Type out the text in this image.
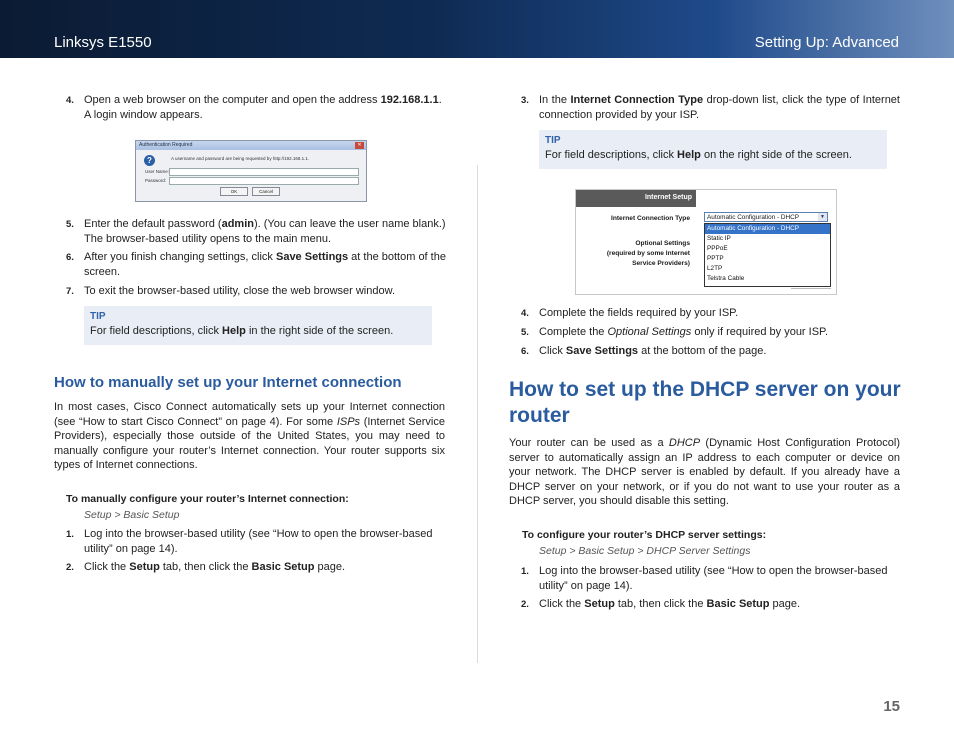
Linksys E1550	Setting Up: Advanced
4. Open a web browser on the computer and open the address 192.168.1.1. A login window appears.
Authentication Required	✕
?	A username and password are being requested by http://192.168.1.1.
User Name:
Password:
OK	Cancel
5. Enter the default password (admin). (You can leave the user name blank.) The browser-based utility opens to the main menu.
6. After you finish changing settings, click Save Settings at the bottom of the screen.
7. To exit the browser-based utility, close the web browser window.
TIP
For field descriptions, click Help in the right side of the screen.
How to manually set up your Internet connection
In most cases, Cisco Connect automatically sets up your Internet connection (see “How to start Cisco Connect” on page 4). For some ISPs (Internet Service Providers), especially those outside of the United States, you may need to manually configure your router’s Internet connection. Your router supports six types of Internet connections.
To manually configure your router’s Internet connection:
Setup > Basic Setup
1. Log into the browser-based utility (see “How to open the browser-based utility” on page 14).
2. Click the Setup tab, then click the Basic Setup page.
3. In the Internet Connection Type drop-down list, click the type of Internet connection provided by your ISP.
TIP
For field descriptions, click Help on the right side of the screen.
Internet Setup
Internet Connection Type
Optional Settings
(required by some Internet
Service Providers)
Automatic Configuration - DHCP	▼
Automatic Configuration - DHCP
Static IP
PPPoE
PPTP
L2TP
Telstra Cable
4. Complete the fields required by your ISP.
5. Complete the Optional Settings only if required by your ISP.
6. Click Save Settings at the bottom of the page.
How to set up the DHCP server on your router
Your router can be used as a DHCP (Dynamic Host Configuration Protocol) server to automatically assign an IP address to each computer or device on your network. The DHCP server is enabled by default. If you already have a DHCP server on your network, or if you do not want to use your router as a DHCP server, you should disable this setting.
To configure your router’s DHCP server settings:
Setup > Basic Setup > DHCP Server Settings
1. Log into the browser-based utility (see “How to open the browser-based utility” on page 14).
2. Click the Setup tab, then click the Basic Setup page.
15
